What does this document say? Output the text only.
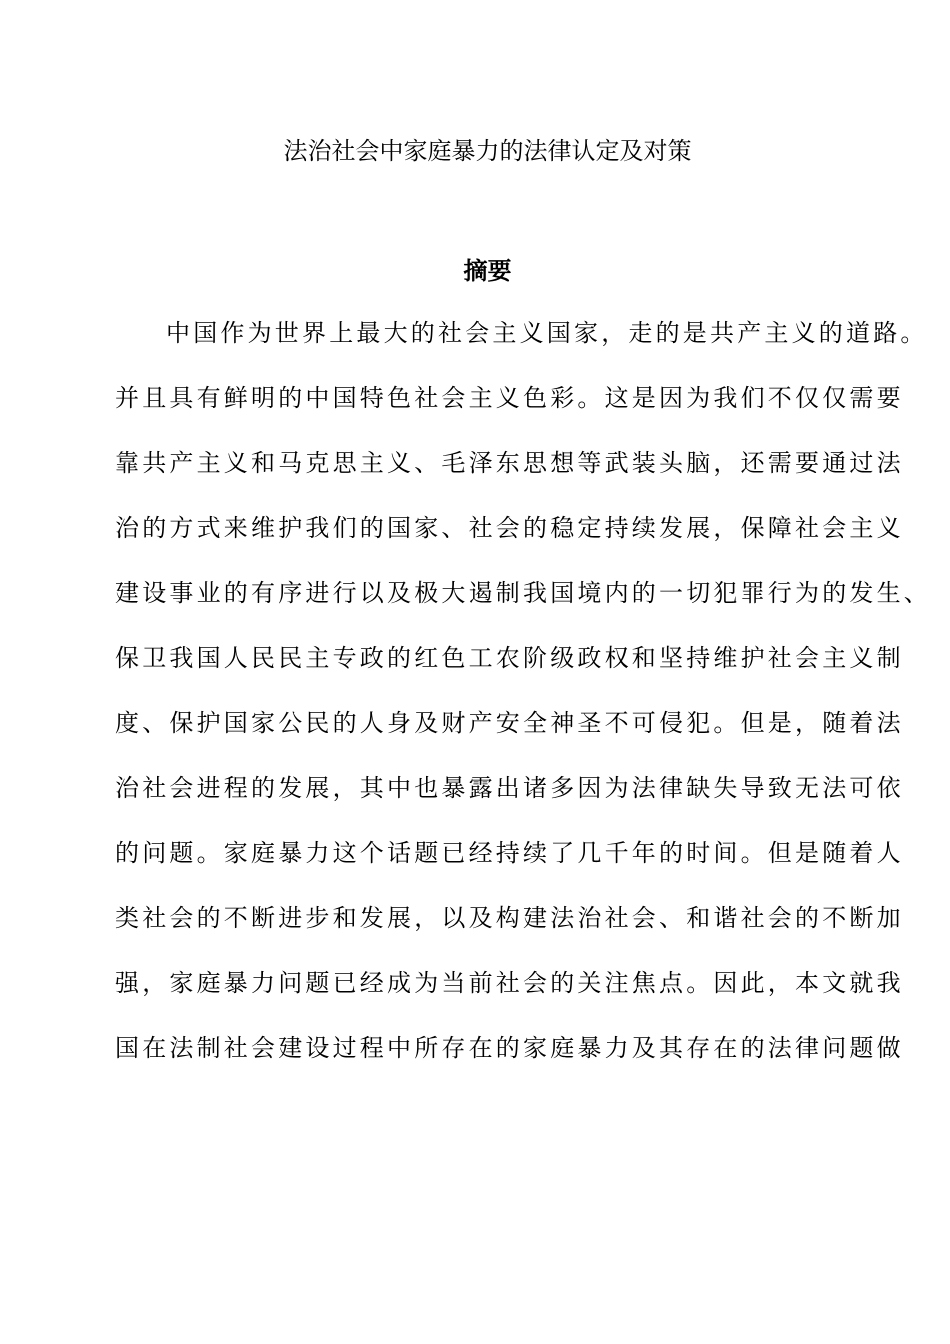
法治社会中家庭暴力的法律认定及对策
摘要
中国作为世界上最大的社会主义国家，走的是共产主义的道路。
并且具有鲜明的中国特色社会主义色彩。这是因为我们不仅仅需要
靠共产主义和马克思主义、毛泽东思想等武装头脑，还需要通过法
治的方式来维护我们的国家、社会的稳定持续发展，保障社会主义
建设事业的有序进行以及极大遏制我国境内的一切犯罪行为的发生、
保卫我国人民民主专政的红色工农阶级政权和坚持维护社会主义制
度、保护国家公民的人身及财产安全神圣不可侵犯。但是，随着法
治社会进程的发展，其中也暴露出诸多因为法律缺失导致无法可依
的问题。家庭暴力这个话题已经持续了几千年的时间。但是随着人
类社会的不断进步和发展，以及构建法治社会、和谐社会的不断加
强，家庭暴力问题已经成为当前社会的关注焦点。因此，本文就我
国在法制社会建设过程中所存在的家庭暴力及其存在的法律问题做
